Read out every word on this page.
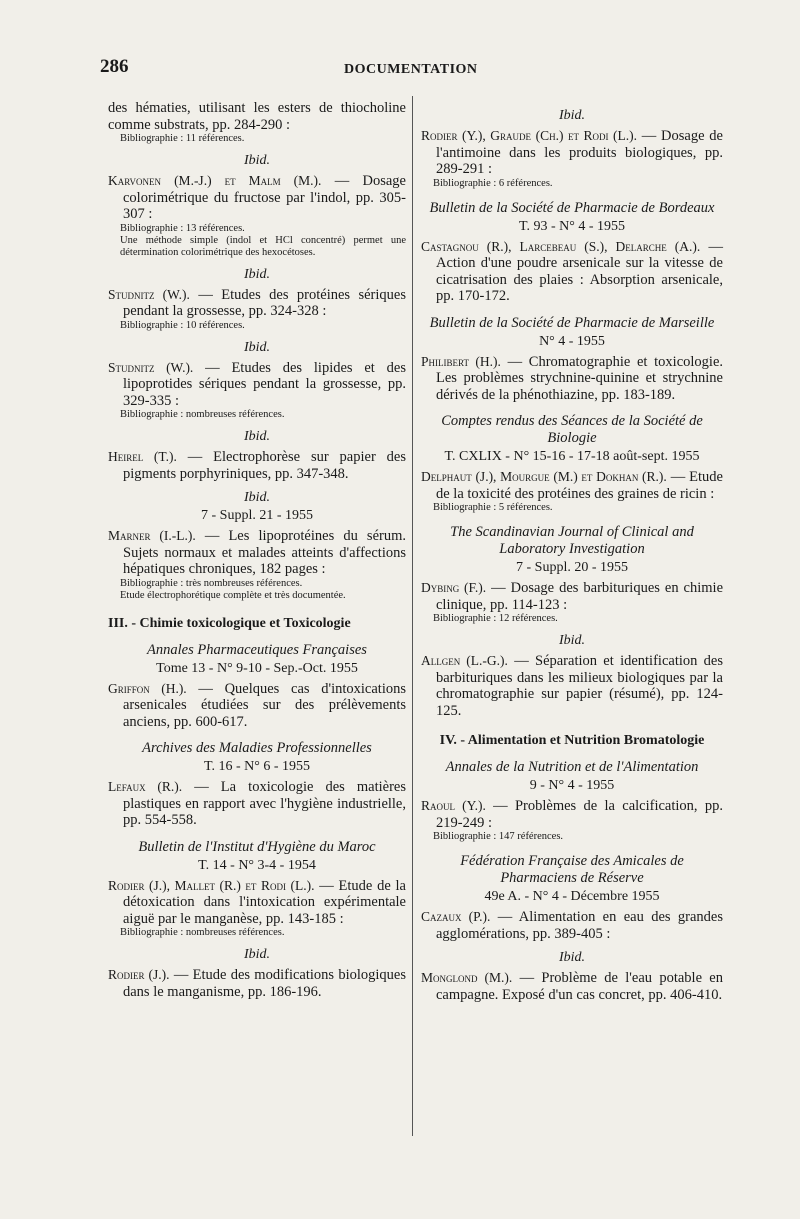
286	DOCUMENTATION
des hématies, utilisant les esters de thiocholine comme substrats, pp. 284-290 :
Bibliographie : 11 références.
Ibid.
Karvonen (M.-J.) et Malm (M.). — Dosage colorimétrique du fructose par l'indol, pp. 305-307 :
Bibliographie : 13 références.
Une méthode simple (indol et HCl concentré) permet une détermination colorimétrique des hexocétoses.
Ibid.
Studnitz (W.). — Etudes des protéines sériques pendant la grossesse, pp. 324-328 :
Bibliographie : 10 références.
Ibid.
Studnitz (W.). — Etudes des lipides et des lipoprotides sériques pendant la grossesse, pp. 329-335 :
Bibliographie : nombreuses références.
Ibid.
Heirel (T.). — Electrophorèse sur papier des pigments porphyriniques, pp. 347-348.
Ibid.
7 - Suppl. 21 - 1955
Marner (I.-L.). — Les lipoprotéines du sérum. Sujets normaux et malades atteints d'affections hépatiques chroniques, 182 pages :
Bibliographie : très nombreuses références.
Etude électrophorétique complète et très documentée.
III. - Chimie toxicologique et Toxicologie
Annales Pharmaceutiques Françaises
Tome 13 - N° 9-10 - Sep.-Oct. 1955
Griffon (H.). — Quelques cas d'intoxications arsenicales étudiées sur des prélèvements anciens, pp. 600-617.
Archives des Maladies Professionnelles
T. 16 - N° 6 - 1955
Lefaux (R.). — La toxicologie des matières plastiques en rapport avec l'hygiène industrielle, pp. 554-558.
Bulletin de l'Institut d'Hygiène du Maroc
T. 14 - N° 3-4 - 1954
Rodier (J.), Mallet (R.) et Rodi (L.). — Etude de la détoxication dans l'intoxication expérimentale aiguë par le manganèse, pp. 143-185 :
Bibliographie : nombreuses références.
Ibid.
Rodier (J.). — Etude des modifications biologiques dans le manganisme, pp. 186-196.
Ibid.
Rodier (Y.), Graude (Ch.) et Rodi (L.). — Dosage de l'antimoine dans les produits biologiques, pp. 289-291 :
Bibliographie : 6 références.
Bulletin de la Société de Pharmacie de Bordeaux
T. 93 - N° 4 - 1955
Castagnou (R.), Larcebeau (S.), Delarche (A.). — Action d'une poudre arsenicale sur la vitesse de cicatrisation des plaies : Absorption arsenicale, pp. 170-172.
Bulletin de la Société de Pharmacie de Marseille
N° 4 - 1955
Philibert (H.). — Chromatographie et toxicologie. Les problèmes strychnine-quinine et strychnine dérivés de la phénothiazine, pp. 183-189.
Comptes rendus des Séances de la Société de Biologie
T. CXLIX - N° 15-16 - 17-18 août-sept. 1955
Delphaut (J.), Mourgue (M.) et Dokhan (R.). — Etude de la toxicité des protéines des graines de ricin :
Bibliographie : 5 références.
The Scandinavian Journal of Clinical and Laboratory Investigation
7 - Suppl. 20 - 1955
Dybing (F.). — Dosage des barbituriques en chimie clinique, pp. 114-123 :
Bibliographie : 12 références.
Ibid.
Allgen (L.-G.). — Séparation et identification des barbituriques dans les milieux biologiques par la chromatographie sur papier (résumé), pp. 124-125.
IV. - Alimentation et Nutrition Bromatologie
Annales de la Nutrition et de l'Alimentation
9 - N° 4 - 1955
Raoul (Y.). — Problèmes de la calcification, pp. 219-249 :
Bibliographie : 147 références.
Fédération Française des Amicales de Pharmaciens de Réserve
49e A. - N° 4 - Décembre 1955
Cazaux (P.). — Alimentation en eau des grandes agglomérations, pp. 389-405 :
Ibid.
Monglond (M.). — Problème de l'eau potable en campagne. Exposé d'un cas concret, pp. 406-410.
